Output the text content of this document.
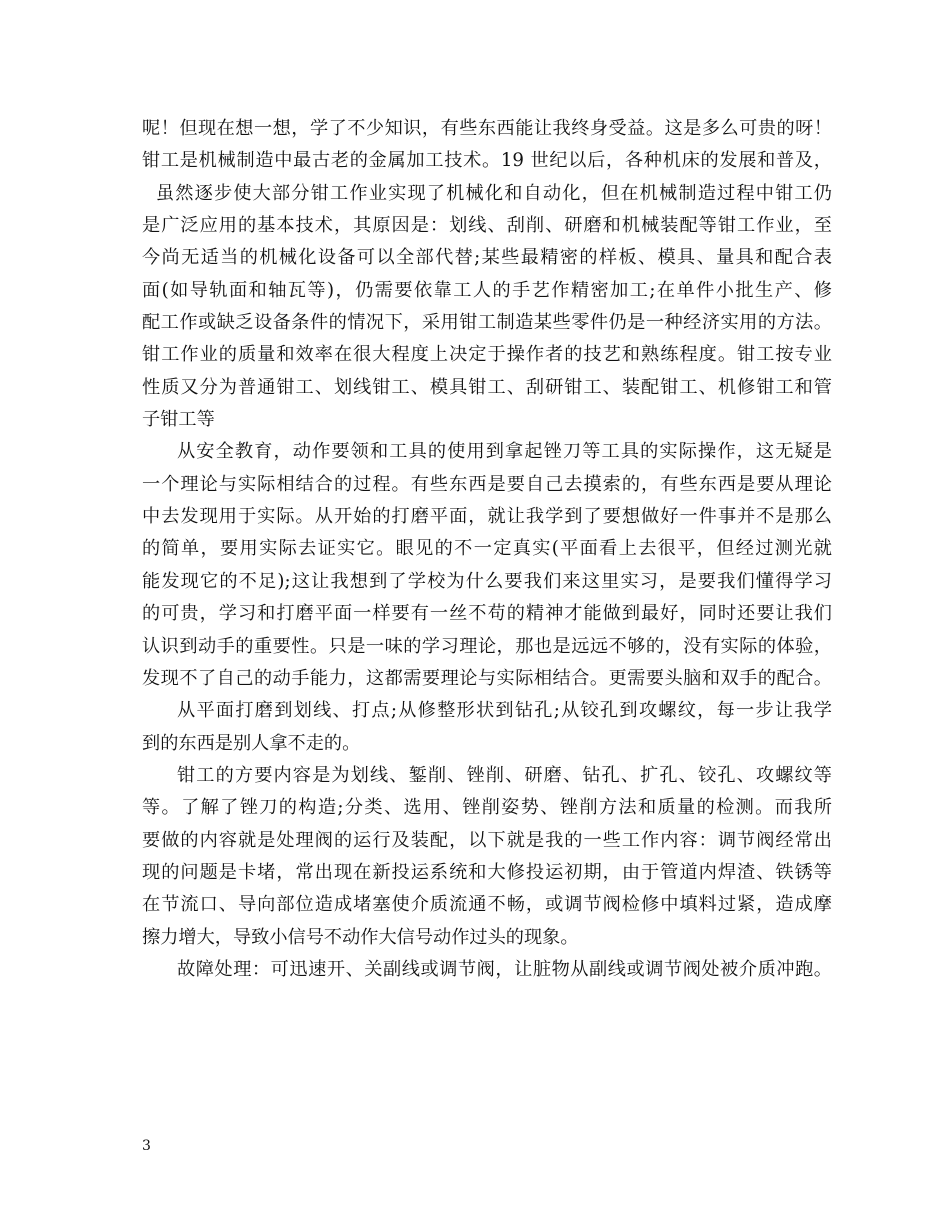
呢！但现在想一想，学了不少知识，有些东西能让我终身受益。这是多么可贵的呀！
钳工是机械制造中最古老的金属加工技术。19 世纪以后，各种机床的发展和普及，
虽然逐步使大部分钳工作业实现了机械化和自动化，但在机械制造过程中钳工仍
是广泛应用的基本技术，其原因是：划线、刮削、研磨和机械装配等钳工作业，至
今尚无适当的机械化设备可以全部代替;某些最精密的样板、模具、量具和配合表
面(如导轨面和轴瓦等)，仍需要依靠工人的手艺作精密加工;在单件小批生产、修
配工作或缺乏设备条件的情况下，采用钳工制造某些零件仍是一种经济实用的方法。
钳工作业的质量和效率在很大程度上决定于操作者的技艺和熟练程度。钳工按专业
性质又分为普通钳工、划线钳工、模具钳工、刮研钳工、装配钳工、机修钳工和管
子钳工等
从安全教育，动作要领和工具的使用到拿起锉刀等工具的实际操作，这无疑是
一个理论与实际相结合的过程。有些东西是要自己去摸索的，有些东西是要从理论
中去发现用于实际。从开始的打磨平面，就让我学到了要想做好一件事并不是那么
的简单，要用实际去证实它。眼见的不一定真实(平面看上去很平，但经过测光就
能发现它的不足);这让我想到了学校为什么要我们来这里实习，是要我们懂得学习
的可贵，学习和打磨平面一样要有一丝不苟的精神才能做到最好，同时还要让我们
认识到动手的重要性。只是一味的学习理论，那也是远远不够的，没有实际的体验，
发现不了自己的动手能力，这都需要理论与实际相结合。更需要头脑和双手的配合。
从平面打磨到划线、打点;从修整形状到钻孔;从铰孔到攻螺纹，每一步让我学
到的东西是别人拿不走的。
钳工的方要内容是为划线、錾削、锉削、研磨、钻孔、扩孔、铰孔、攻螺纹等
等。了解了锉刀的构造;分类、选用、锉削姿势、锉削方法和质量的检测。而我所
要做的内容就是处理阀的运行及装配，以下就是我的一些工作内容：调节阀经常出
现的问题是卡堵，常出现在新投运系统和大修投运初期，由于管道内焊渣、铁锈等
在节流口、导向部位造成堵塞使介质流通不畅，或调节阀检修中填料过紧，造成摩
擦力增大，导致小信号不动作大信号动作过头的现象。
故障处理：可迅速开、关副线或调节阀，让脏物从副线或调节阀处被介质冲跑。
3
